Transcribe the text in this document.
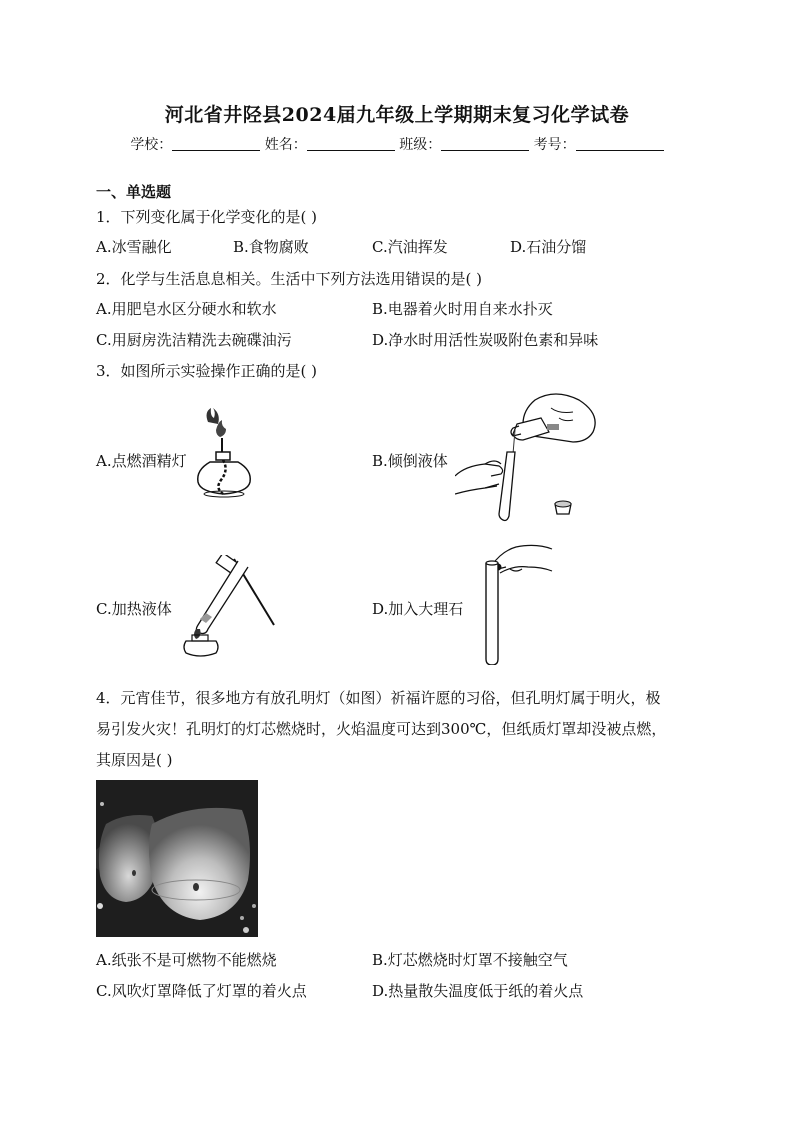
河北省井陉县2024届九年级上学期期末复习化学试卷
学校：	姓名：	班级：	考号：
一、单选题
1．下列变化属于化学变化的是( )
A.冰雪融化	B.食物腐败	C.汽油挥发	D.石油分馏
2．化学与生活息息相关。生活中下列方法选用错误的是( )
A.用肥皂水区分硬水和软水	B.电器着火时用自来水扑灭
C.用厨房洗洁精洗去碗碟油污	D.净水时用活性炭吸附色素和异味
3．如图所示实验操作正确的是( )
A.点燃酒精灯	B.倾倒液体
C.加热液体	D.加入大理石
4．元宵佳节，很多地方有放孔明灯（如图）祈福许愿的习俗，但孔明灯属于明火，极
易引发火灾！孔明灯的灯芯燃烧时，火焰温度可达到300℃，但纸质灯罩却没被点燃，
其原因是( )
A.纸张不是可燃物不能燃烧	B.灯芯燃烧时灯罩不接触空气
C.风吹灯罩降低了灯罩的着火点	D.热量散失温度低于纸的着火点
